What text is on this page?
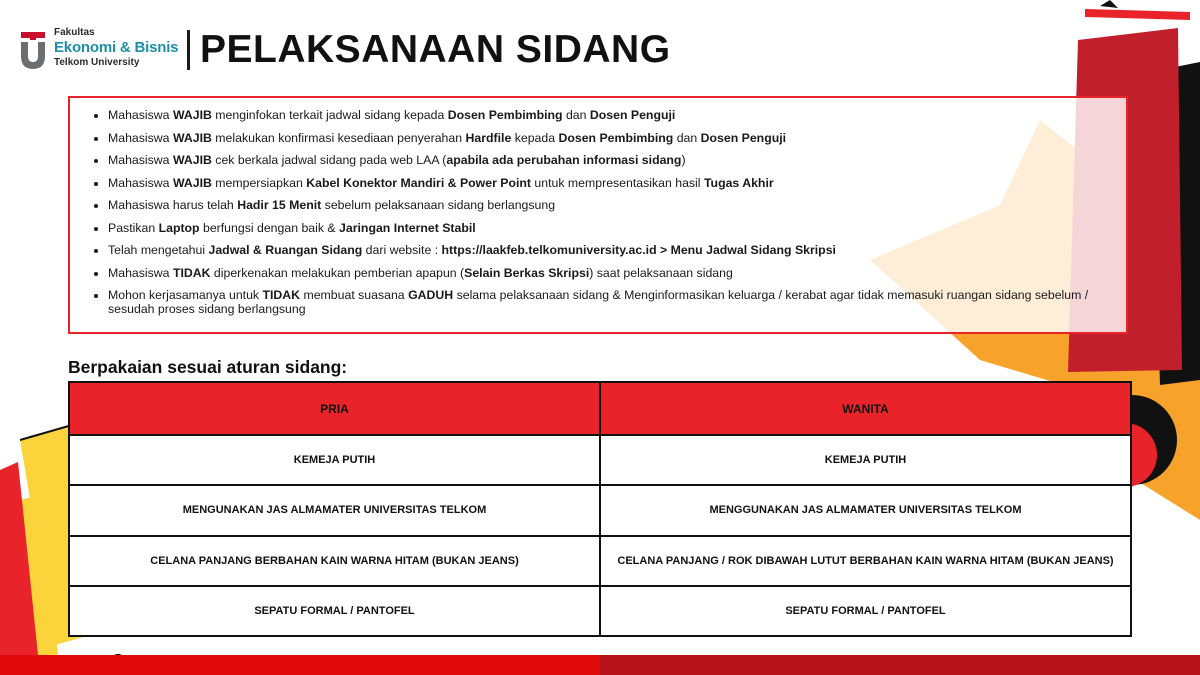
Fakultas
Ekonomi & Bisnis
Telkom University	PELAKSANAAN SIDANG
• Mahasiswa WAJIB menginfokan terkait jadwal sidang kepada Dosen Pembimbing dan Dosen Penguji
• Mahasiswa WAJIB melakukan konfirmasi kesediaan penyerahan Hardfile kepada Dosen Pembimbing dan Dosen Penguji
• Mahasiswa WAJIB cek berkala jadwal sidang pada web LAA (apabila ada perubahan informasi sidang)
• Mahasiswa WAJIB mempersiapkan Kabel Konektor Mandiri & Power Point untuk mempresentasikan hasil Tugas Akhir
• Mahasiswa harus telah Hadir 15 Menit sebelum pelaksanaan sidang berlangsung
• Pastikan Laptop berfungsi dengan baik & Jaringan Internet Stabil
• Telah mengetahui Jadwal & Ruangan Sidang dari website : https://laakfeb.telkomuniversity.ac.id > Menu Jadwal Sidang Skripsi
• Mahasiswa TIDAK diperkenakan melakukan pemberian apapun (Selain Berkas Skripsi) saat pelaksanaan sidang
• Mohon kerjasamanya untuk TIDAK membuat suasana GADUH selama pelaksanaan sidang & Menginformasikan keluarga / kerabat agar tidak memasuki ruangan sidang sebelum / sesudah proses sidang berlangsung
Berpakaian sesuai aturan sidang:
PRIA	WANITA
KEMEJA PUTIH	KEMEJA PUTIH
MENGUNAKAN JAS ALMAMATER UNIVERSITAS TELKOM	MENGGUNAKAN JAS ALMAMATER UNIVERSITAS TELKOM
CELANA PANJANG BERBAHAN KAIN WARNA HITAM (BUKAN JEANS)	CELANA PANJANG / ROK DIBAWAH LUTUT BERBAHAN KAIN WARNA HITAM (BUKAN JEANS)
SEPATU FORMAL / PANTOFEL	SEPATU FORMAL / PANTOFEL
